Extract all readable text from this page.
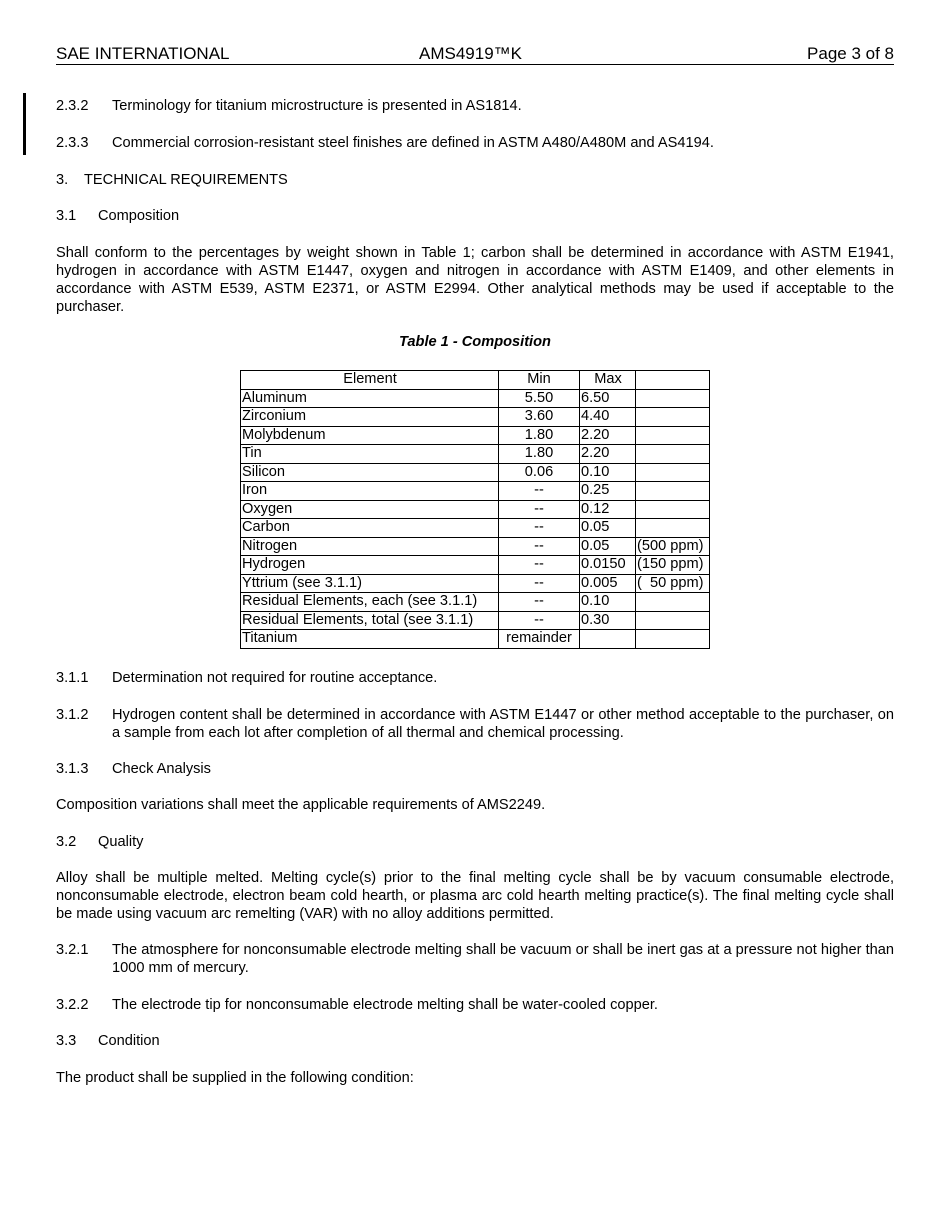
SAE INTERNATIONAL	AMS4919™K	Page 3 of 8
2.3.2 Terminology for titanium microstructure is presented in AS1814.
2.3.3 Commercial corrosion-resistant steel finishes are defined in ASTM A480/A480M and AS4194.
3. TECHNICAL REQUIREMENTS
3.1 Composition
Shall conform to the percentages by weight shown in Table 1; carbon shall be determined in accordance with ASTM E1941, hydrogen in accordance with ASTM E1447, oxygen and nitrogen in accordance with ASTM E1409, and other elements in accordance with ASTM E539, ASTM E2371, or ASTM E2994. Other analytical methods may be used if acceptable to the purchaser.
Table 1 - Composition
Element	Min	Max	
Aluminum	5.50	6.50	
Zirconium	3.60	4.40	
Molybdenum	1.80	2.20	
Tin	1.80	2.20	
Silicon	0.06	0.10	
Iron	--	0.25	
Oxygen	--	0.12	
Carbon	--	0.05	
Nitrogen	--	0.05	(500 ppm)
Hydrogen	--	0.0150	(150 ppm)
Yttrium (see 3.1.1)	--	0.005	(  50 ppm)
Residual Elements, each (see 3.1.1)	--	0.10	
Residual Elements, total (see 3.1.1)	--	0.30	
Titanium	remainder		
3.1.1 Determination not required for routine acceptance.
3.1.2 Hydrogen content shall be determined in accordance with ASTM E1447 or other method acceptable to the purchaser, on a sample from each lot after completion of all thermal and chemical processing.
3.1.3 Check Analysis
Composition variations shall meet the applicable requirements of AMS2249.
3.2 Quality
Alloy shall be multiple melted. Melting cycle(s) prior to the final melting cycle shall be by vacuum consumable electrode, nonconsumable electrode, electron beam cold hearth, or plasma arc cold hearth melting practice(s). The final melting cycle shall be made using vacuum arc remelting (VAR) with no alloy additions permitted.
3.2.1 The atmosphere for nonconsumable electrode melting shall be vacuum or shall be inert gas at a pressure not higher than 1000 mm of mercury.
3.2.2 The electrode tip for nonconsumable electrode melting shall be water-cooled copper.
3.3 Condition
The product shall be supplied in the following condition:
